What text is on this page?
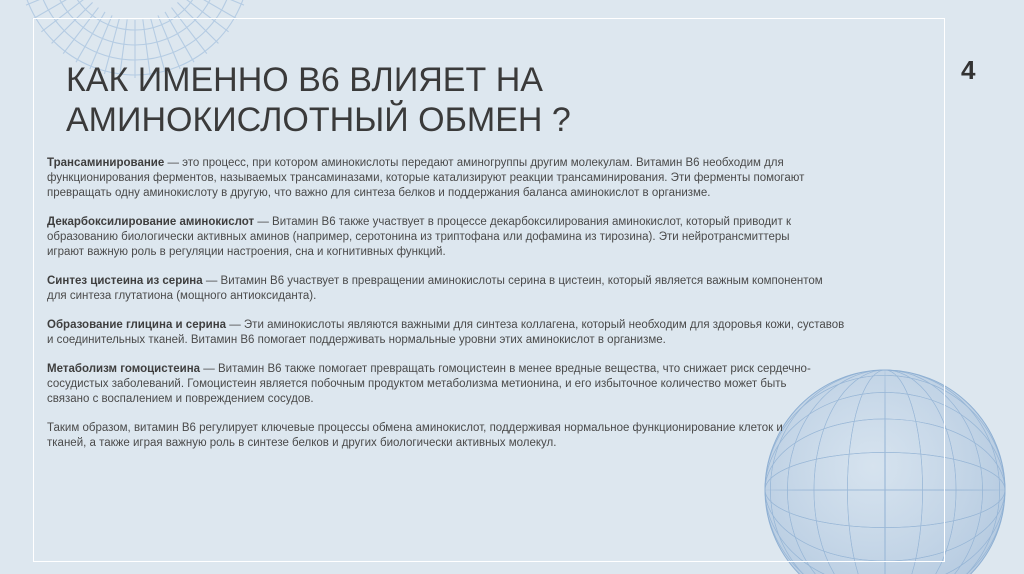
4
КАК ИМЕННО В6 ВЛИЯЕТ НА
АМИНОКИСЛОТНЫЙ ОБМЕН ?
Трансаминирование — это процесс, при котором аминокислоты передают аминогруппы другим молекулам. Витамин В6 необходим для
функционирования ферментов, называемых трансаминазами, которые катализируют реакции трансаминирования. Эти ферменты помогают
превращать одну аминокислоту в другую, что важно для синтеза белков и поддержания баланса аминокислот в организме.
Декарбоксилирование аминокислот — Витамин В6 также участвует в процессе декарбоксилирования аминокислот, который приводит к
образованию биологически активных аминов (например, серотонина из триптофана или дофамина из тирозина). Эти нейротрансмиттеры
играют важную роль в регуляции настроения, сна и когнитивных функций.
Синтез цистеина из серина — Витамин В6 участвует в превращении аминокислоты серина в цистеин, который является важным компонентом
для синтеза глутатиона (мощного антиоксиданта).
Образование глицина и серина — Эти аминокислоты являются важными для синтеза коллагена, который необходим для здоровья кожи, суставов
и соединительных тканей. Витамин В6 помогает поддерживать нормальные уровни этих аминокислот в организме.
Метаболизм гомоцистеина — Витамин В6 также помогает превращать гомоцистеин в менее вредные вещества, что снижает риск сердечно-
сосудистых заболеваний. Гомоцистеин является побочным продуктом метаболизма метионина, и его избыточное количество может быть
связано с воспалением и повреждением сосудов.
Таким образом, витамин В6 регулирует ключевые процессы обмена аминокислот, поддерживая нормальное функционирование клеток и
тканей, а также играя важную роль в синтезе белков и других биологически активных молекул.
